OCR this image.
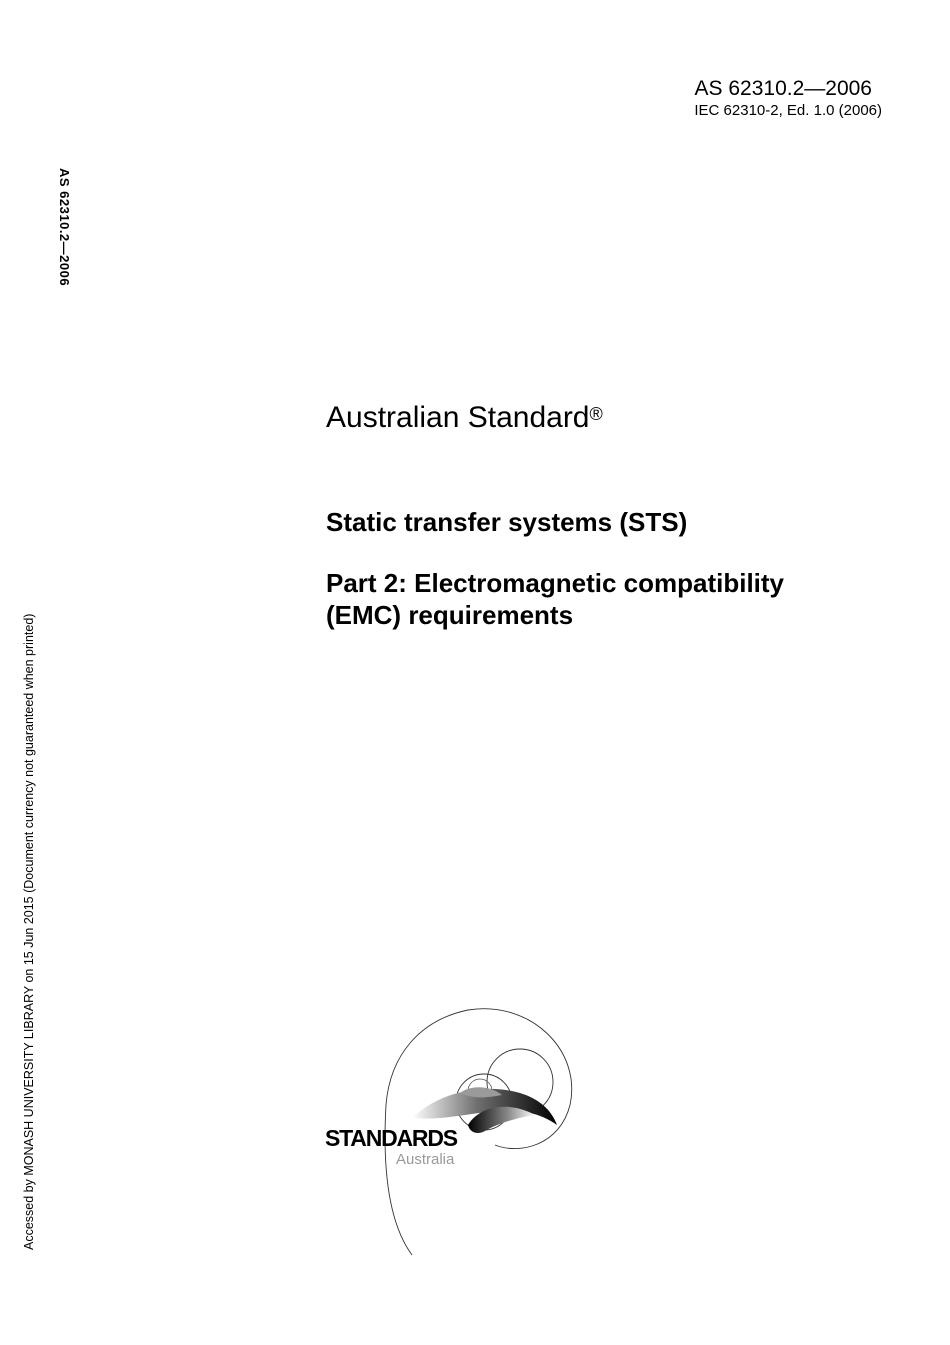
AS 62310.2—2006
IEC 62310-2, Ed. 1.0 (2006)
AS 62310.2—2006
Accessed by MONASH UNIVERSITY LIBRARY on 15 Jun 2015 (Document currency not guaranteed when printed)
Australian Standard®
Static transfer systems (STS)
Part 2: Electromagnetic compatibility
(EMC) requirements
STANDARDS
Australia
